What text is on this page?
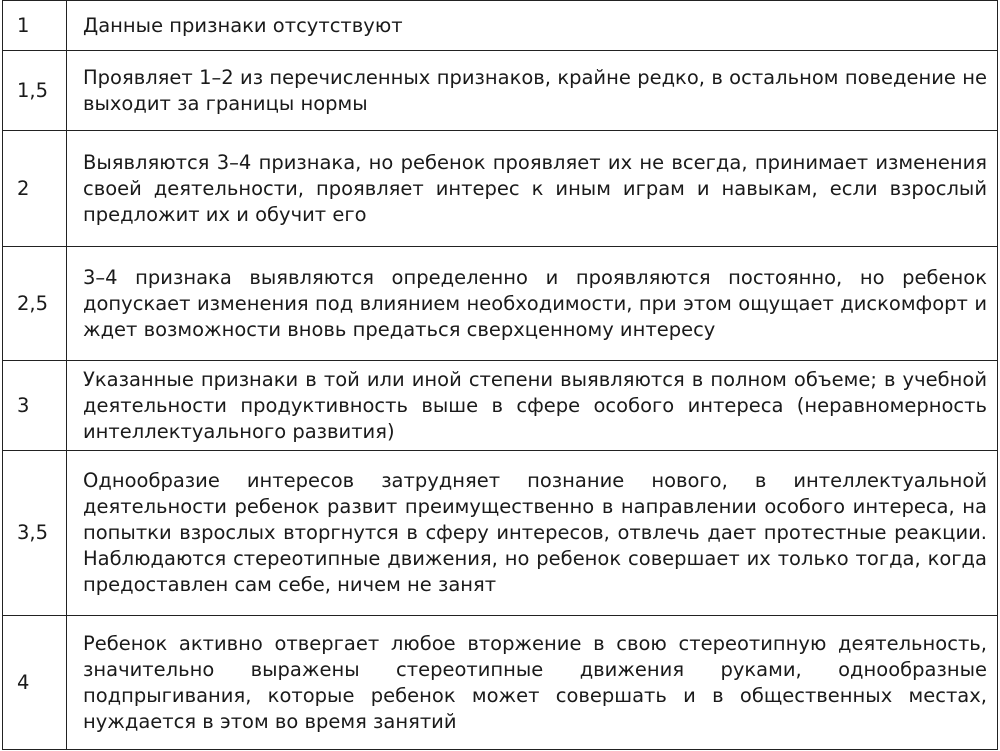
1	Данные признаки отсутствуют
1,5	Проявляет 1–2 из перечисленных признаков, крайне редко, в остальном поведение не выходит за границы нормы
2	Выявляются 3–4 признака, но ребенок проявляет их не всегда, принимает изменения своей деятельности, проявляет интерес к иным играм и навыкам, если взрослый предложит их и обучит его
2,5	3–4 признака выявляются определенно и проявляются постоянно, но ребенок допускает изменения под влиянием необходимости, при этом ощущает дискомфорт и ждет возможности вновь предаться сверхценному интересу
3	Указанные признаки в той или иной степени выявляются в полном объеме; в учебной деятельности продуктивность выше в сфере особого интереса (неравномерность интеллектуального развития)
3,5	Однообразие интересов затрудняет познание нового, в интеллектуальной деятельности ребенок развит преимущественно в направлении особого интереса, на попытки взрослых вторгнутся в сферу интересов, отвлечь дает протестные реакции. Наблюдаются стереотипные движения, но ребенок совершает их только тогда, когда предоставлен сам себе, ничем не занят
4	Ребенок активно отвергает любое вторжение в свою стереотипную деятельность, значительно выражены стереотипные движения руками, однообразные подпрыгивания, которые ребенок может совершать и в общественных местах, нуждается в этом во время занятий
